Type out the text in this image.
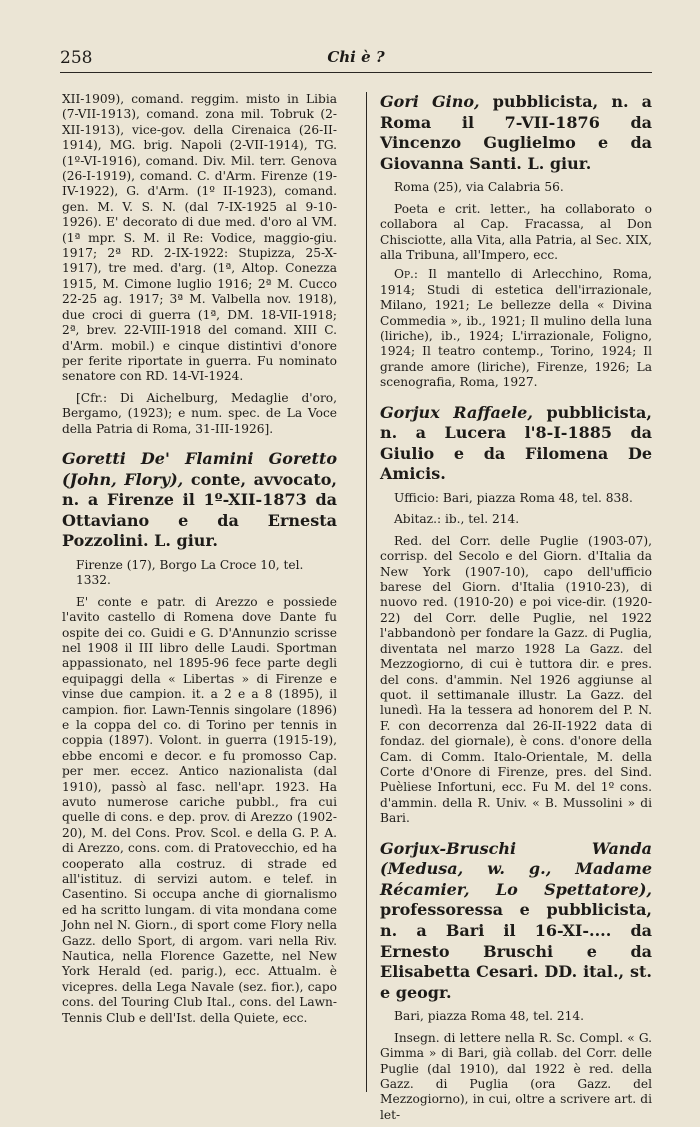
258	Chi è ?

XII-1909), comand. reggim. misto in Libia (7-VII-1913), comand. zona mil. Tobruk (2-XII-1913), vice-gov. della Cirenaica (26-II-1914), MG. brig. Napoli (2-VII-1914), TG. (1º-VI-1916), comand. Div. Mil. terr. Genova (26-I-1919), comand. C. d'Arm. Firenze (19-IV-1922), G. d'Arm. (1º II-1923), comand. gen. M. V. S. N. (dal 7-IX-1925 al 9-10-1926). E' decorato di due med. d'oro al VM. (1ª mpr. S. M. il Re: Vodice, maggio-giu. 1917; 2ª RD. 2-IX-1922: Stupizza, 25-X-1917), tre med. d'arg. (1ª, Altop. Conezza 1915, M. Cimone luglio 1916; 2ª M. Cucco 22-25 ag. 1917; 3ª M. Valbella nov. 1918), due croci di guerra (1ª, DM. 18-VII-1918; 2ª, brev. 22-VIII-1918 del comand. XIII C. d'Arm. mobil.) e cinque distintivi d'onore per ferite riportate in guerra. Fu nominato senatore con RD. 14-VI-1924.

[Cfr.: Di Aichelburg, Medaglie d'oro, Bergamo, (1923); e num. spec. de La Voce della Patria di Roma, 31-III-1926].

Goretti De' Flamini Goretto (John, Flory), conte, avvocato, n. a Firenze il 1º-XII-1873 da Ottaviano e da Ernesta Pozzolini. L. giur.
Firenze (17), Borgo La Croce 10, tel. 1332.

E' conte e patr. di Arezzo e possiede l'avito castello di Romena dove Dante fu ospite dei co. Guidi e G. D'Annunzio scrisse nel 1908 il III libro delle Laudi. Sportman appassionato, nel 1895-96 fece parte degli equipaggi della « Libertas » di Firenze e vinse due campion. it. a 2 e a 8 (1895), il campion. fior. Lawn-Tennis singolare (1896) e la coppa del co. di Torino per tennis in coppia (1897). Volont. in guerra (1915-19), ebbe encomi e decor. e fu promosso Cap. per mer. eccez. Antico nazionalista (dal 1910), passò al fasc. nell'apr. 1923. Ha avuto numerose cariche pubbl., fra cui quelle di cons. e dep. prov. di Arezzo (1902-20), M. del Cons. Prov. Scol. e della G. P. A. di Arezzo, cons. com. di Pratovecchio, ed ha cooperato alla costruz. di strade ed all'istituz. di servizi autom. e telef. in Casentino. Si occupa anche di giornalismo ed ha scritto lungam. di vita mondana come John nel N. Giorn., di sport come Flory nella Gazz. dello Sport, di argom. vari nella Riv. Nautica, nella Florence Gazette, nel New York Herald (ed. parig.), ecc. Attualm. è vicepres. della Lega Navale (sez. fior.), capo cons. del Touring Club Ital., cons. del Lawn-Tennis Club e dell'Ist. della Quiete, ecc.

Gori Gino, pubblicista, n. a Roma il 7-VII-1876 da Vincenzo Guglielmo e da Giovanna Santi. L. giur.
Roma (25), via Calabria 56.

Poeta e crit. letter., ha collaborato o collabora al Cap. Fracassa, al Don Chisciotte, alla Vita, alla Patria, al Sec. XIX, alla Tribuna, all'Impero, ecc.

Op.: Il mantello di Arlecchino, Roma, 1914; Studi di estetica dell'irrazionale, Milano, 1921; Le bellezze della « Divina Commedia », ib., 1921; Il mulino della luna (liriche), ib., 1924; L'irrazionale, Foligno, 1924; Il teatro contemp., Torino, 1924; Il grande amore (liriche), Firenze, 1926; La scenografia, Roma, 1927.

Gorjux Raffaele, pubblicista, n. a Lucera l'8-I-1885 da Giulio e da Filomena De Amicis.
Ufficio: Bari, piazza Roma 48, tel. 838.
Abitaz.: ib., tel. 214.

Red. del Corr. delle Puglie (1903-07), corrisp. del Secolo e del Giorn. d'Italia da New York (1907-10), capo dell'ufficio barese del Giorn. d'Italia (1910-23), di nuovo red. (1910-20) e poi vice-dir. (1920-22) del Corr. delle Puglie, nel 1922 l'abbandonò per fondare la Gazz. di Puglia, diventata nel marzo 1928 La Gazz. del Mezzogiorno, di cui è tuttora dir. e pres. del cons. d'ammin. Nel 1926 aggiunse al quot. il settimanale illustr. La Gazz. del lunedì. Ha la tessera ad honorem del P. N. F. con decorrenza dal 26-II-1922 data di fondaz. del giornale), è cons. d'onore della Cam. di Comm. Italo-Orientale, M. della Corte d'Onore di Firenze, pres. del Sind. Puèliese Infortuni, ecc. Fu M. del 1º cons. d'ammin. della R. Univ. « B. Mussolini » di Bari.

Gorjux-Bruschi Wanda (Medusa, w. g., Madame Récamier, Lo Spettatore), professoressa e pubblicista, n. a Bari il 16-XI-.... da Ernesto Bruschi e da Elisabetta Cesari. DD. ital., st. e geogr.
Bari, piazza Roma 48, tel. 214.

Insegn. di lettere nella R. Sc. Compl. « G. Gimma » di Bari, già collab. del Corr. delle Puglie (dal 1910), dal 1922 è red. della Gazz. di Puglia (ora Gazz. del Mezzogiorno), in cui, oltre a scrivere art. di let-
